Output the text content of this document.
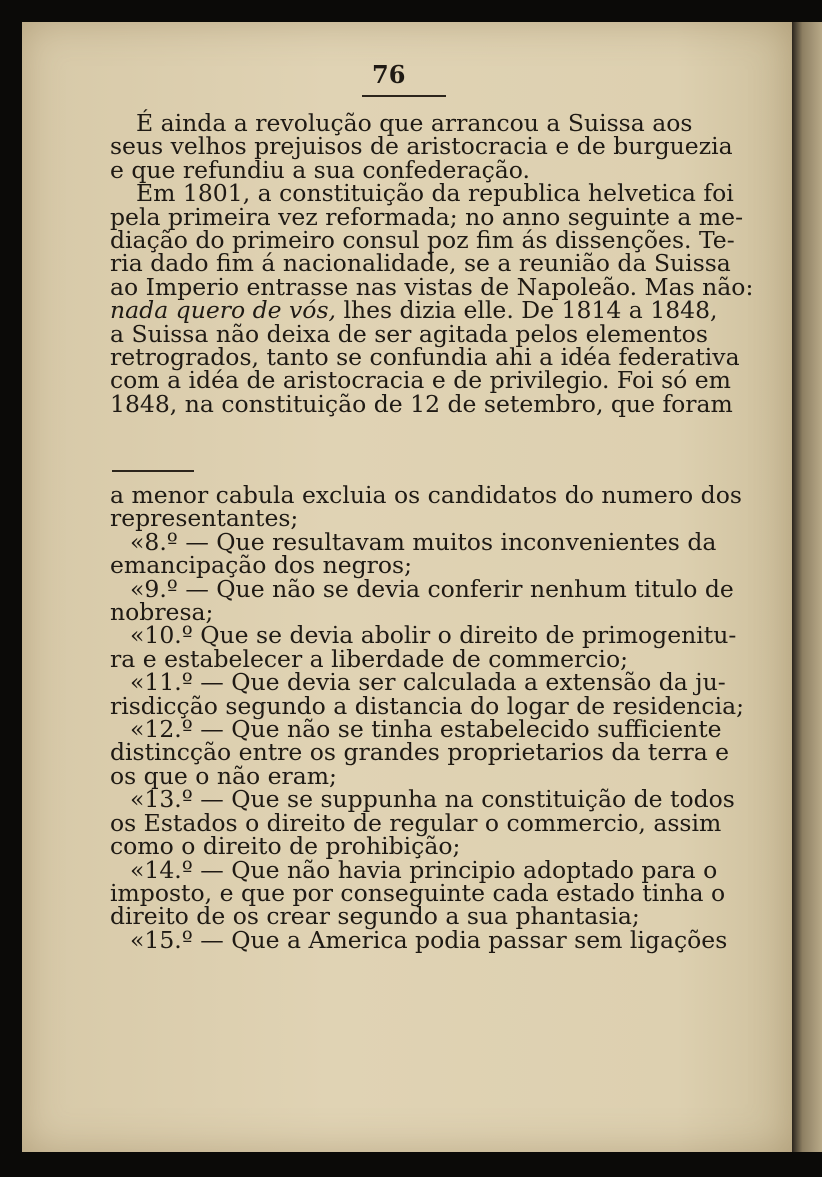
76
É ainda a revolução que arrancou a Suissa aos
seus velhos prejuisos de aristocracia e de burguezia
e que refundiu a sua confederação.
Em 1801, a constituição da republica helvetica foi
pela primeira vez reformada; no anno seguinte a me-
diação do primeiro consul poz fim ás dissenções. Te-
ria dado fim á nacionalidade, se a reunião da Suissa
ao Imperio entrasse nas vistas de Napoleão. Mas não:
nada quero de vós, lhes dizia elle. De 1814 a 1848,
a Suissa não deixa de ser agitada pelos elementos
retrogrados, tanto se confundia ahi a idéa federativa
com a idéa de aristocracia e de privilegio. Foi só em
1848, na constituição de 12 de setembro, que foram
a menor cabula excluia os candidatos do numero dos
representantes;
«8.º — Que resultavam muitos inconvenientes da
emancipação dos negros;
«9.º — Que não se devia conferir nenhum titulo de
nobresa;
«10.º Que se devia abolir o direito de primogenitu-
ra e estabelecer a liberdade de commercio;
«11.º — Que devia ser calculada a extensão da ju-
risdicção segundo a distancia do logar de residencia;
«12.º — Que não se tinha estabelecido sufficiente
distincção entre os grandes proprietarios da terra e
os que o não eram;
«13.º — Que se suppunha na constituição de todos
os Estados o direito de regular o commercio, assim
como o direito de prohibição;
«14.º — Que não havia principio adoptado para o
imposto, e que por conseguinte cada estado tinha o
direito de os crear segundo a sua phantasia;
«15.º — Que a America podia passar sem ligações
